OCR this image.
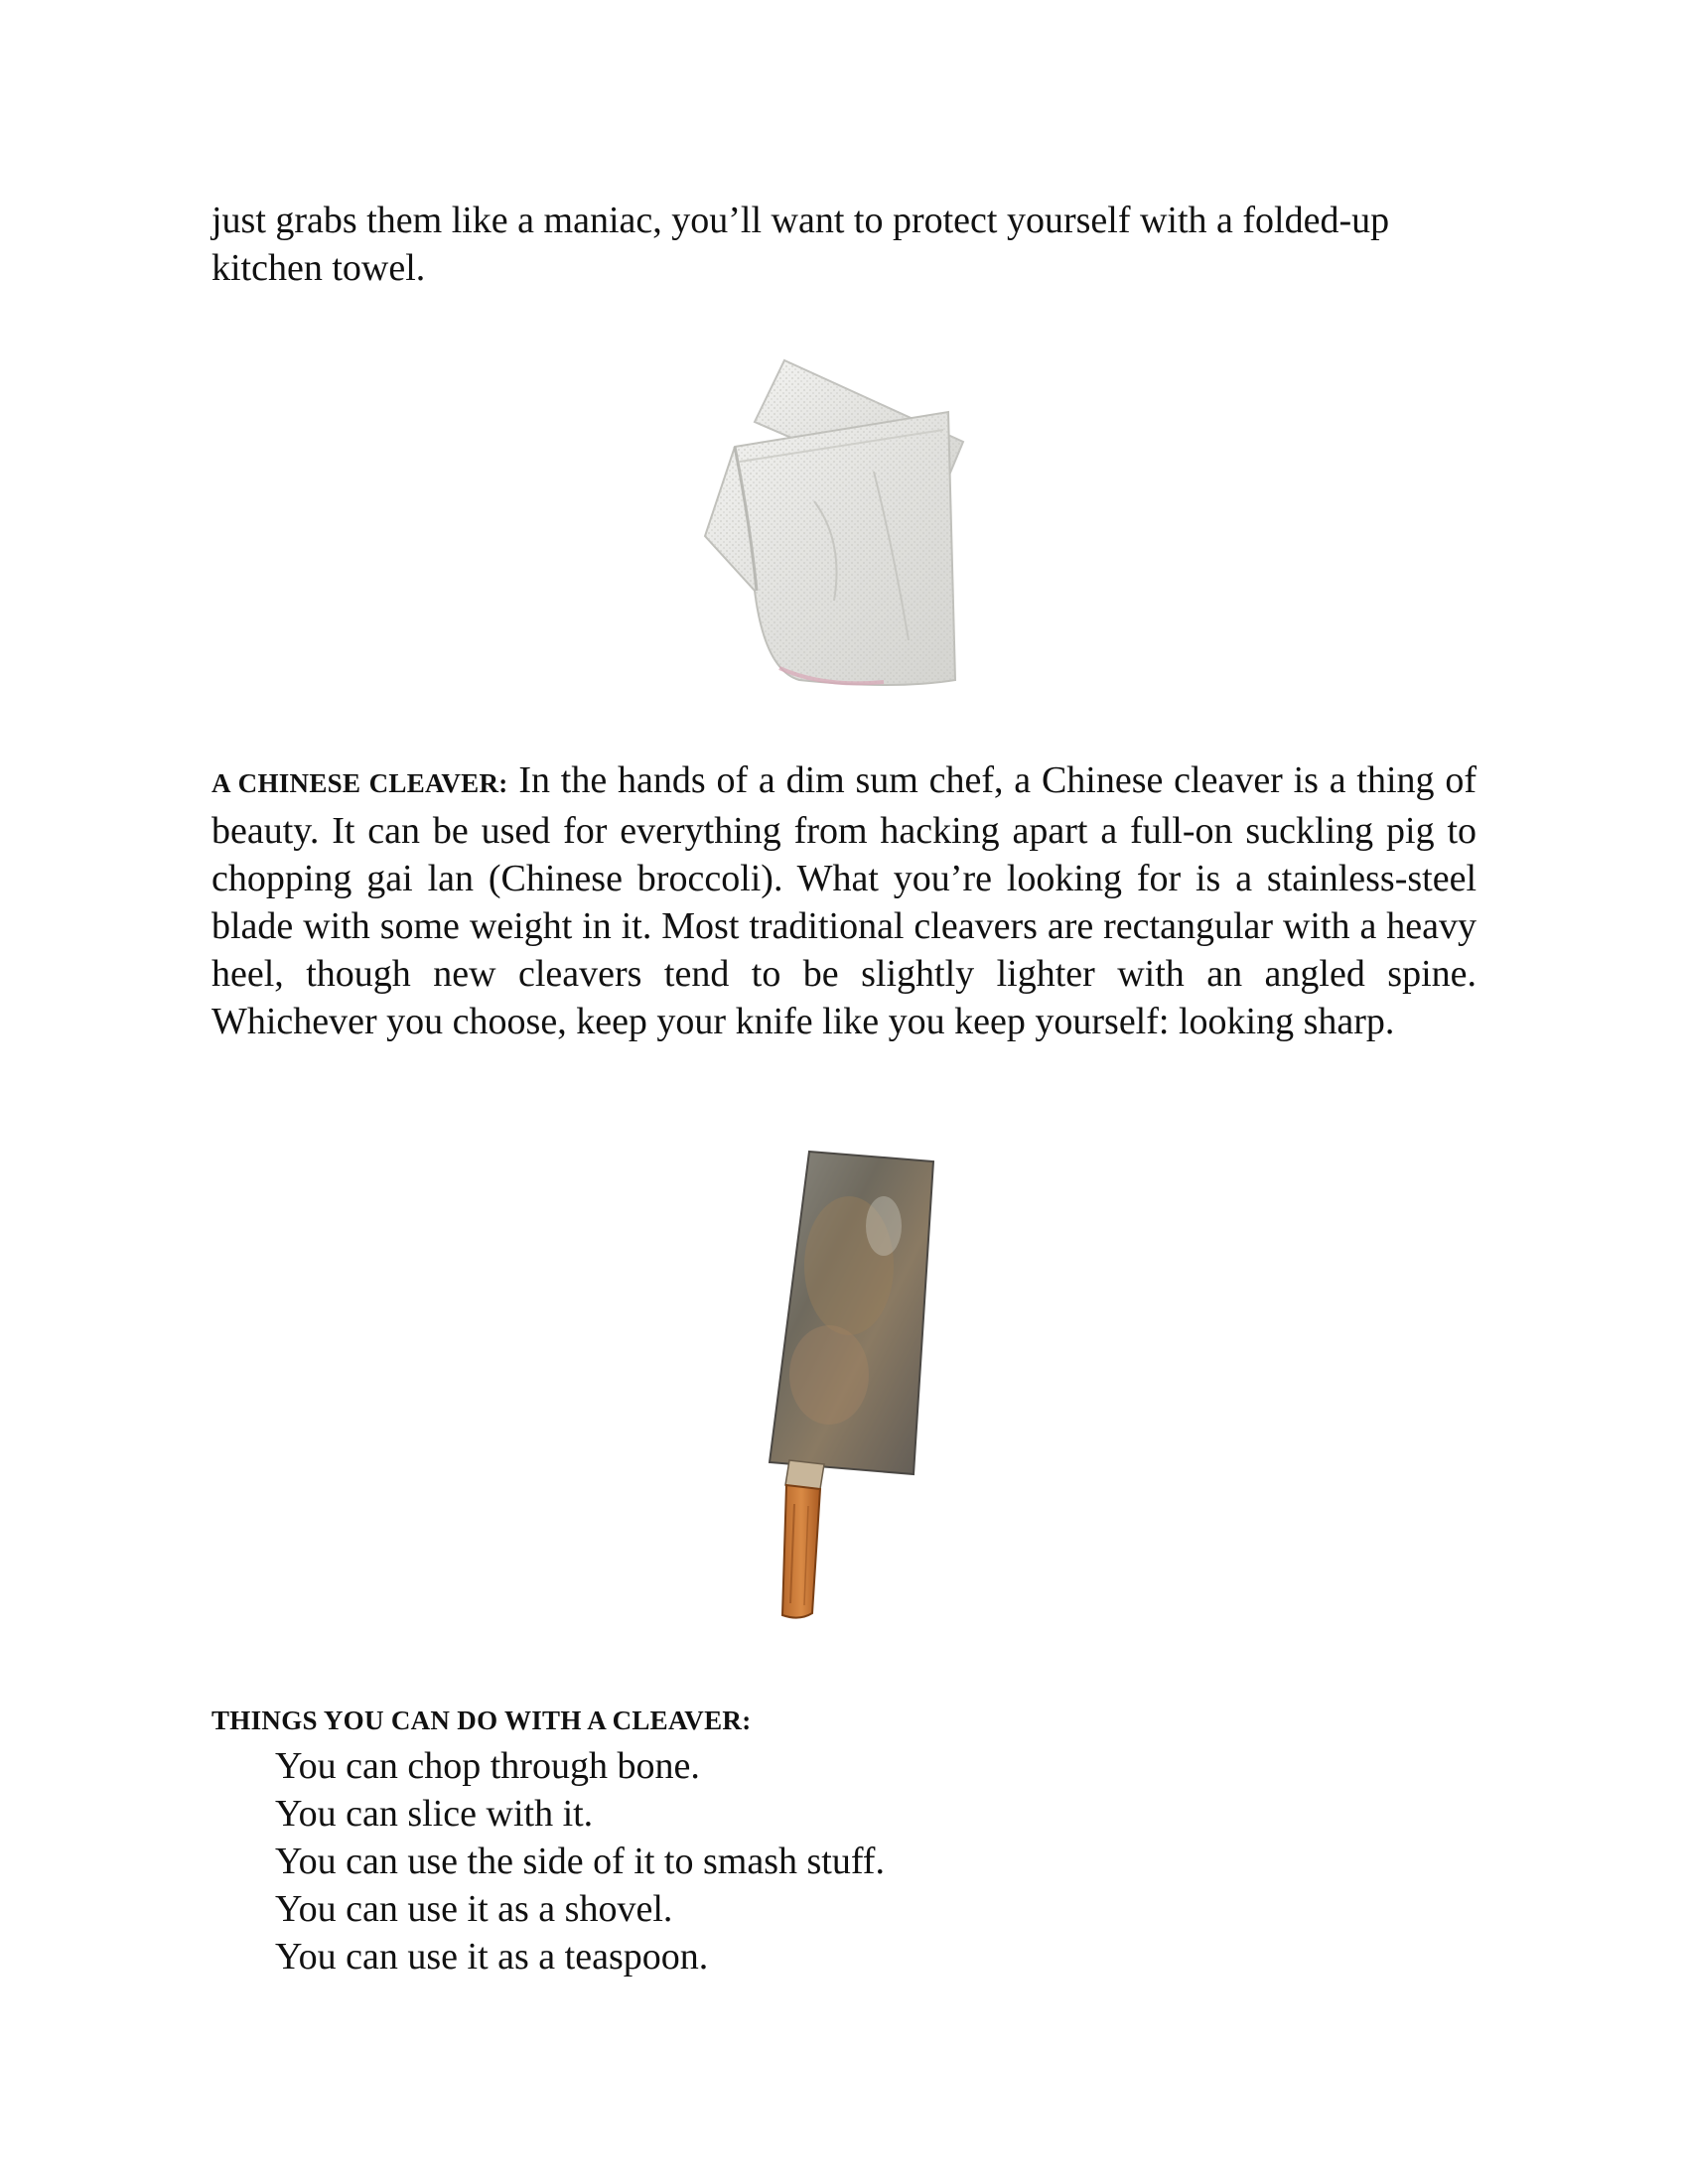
just grabs them like a maniac, you’ll want to protect yourself with a folded-up kitchen towel.

A CHINESE CLEAVER: In the hands of a dim sum chef, a Chinese cleaver is a thing of beauty. It can be used for everything from hacking apart a full-on suckling pig to chopping gai lan (Chinese broccoli). What you’re looking for is a stainless-steel blade with some weight in it. Most traditional cleavers are rectangular with a heavy heel, though new cleavers tend to be slightly lighter with an angled spine. Whichever you choose, keep your knife like you keep yourself: looking sharp.

THINGS YOU CAN DO WITH A CLEAVER:
You can chop through bone.
You can slice with it.
You can use the side of it to smash stuff.
You can use it as a shovel.
You can use it as a teaspoon.
